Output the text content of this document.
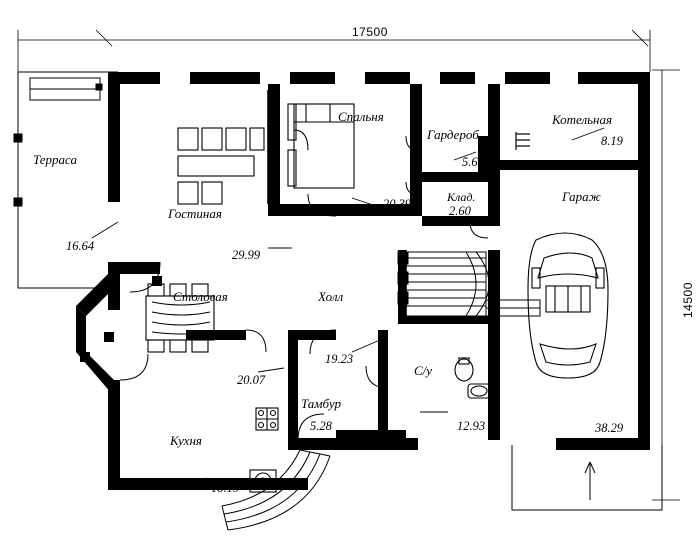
17500
14500
Терраса
16.64
Гостиная
29.99
Спальня
20.39
Гардероб
5.61
Клад.
2.60
Котельная
8.19
Гараж
38.29
Холл
19.23
Столовая
20.07
Тамбур
5.28
С/у
12.93
Кухня
18.19
